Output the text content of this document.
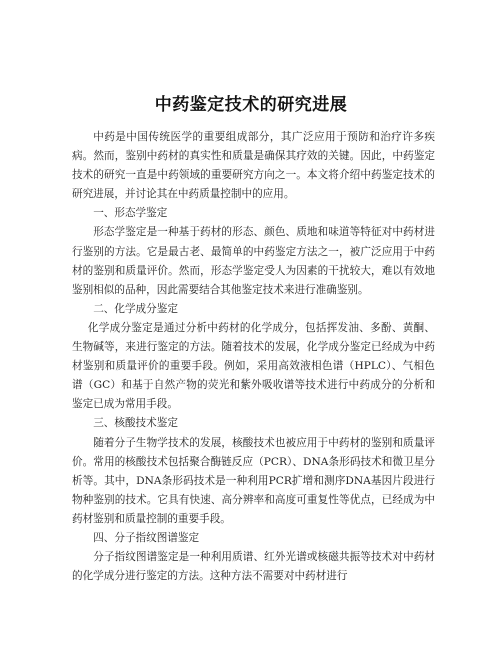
中药鉴定技术的研究进展

中药是中国传统医学的重要组成部分，其广泛应用于预防和治疗许多疾病。然而，鉴别中药材的真实性和质量是确保其疗效的关键。因此，中药鉴定技术的研究一直是中药领域的重要研究方向之一。本文将介绍中药鉴定技术的研究进展，并讨论其在中药质量控制中的应用。

一、形态学鉴定

形态学鉴定是一种基于药材的形态、颜色、质地和味道等特征对中药材进行鉴别的方法。它是最古老、最简单的中药鉴定方法之一，被广泛应用于中药材的鉴别和质量评价。然而，形态学鉴定受人为因素的干扰较大，难以有效地鉴别相似的品种，因此需要结合其他鉴定技术来进行准确鉴别。

二、化学成分鉴定

化学成分鉴定是通过分析中药材的化学成分，包括挥发油、多酚、黄酮、生物碱等，来进行鉴定的方法。随着技术的发展，化学成分鉴定已经成为中药材鉴别和质量评价的重要手段。例如，采用高效液相色谱（HPLC）、气相色谱（GC）和基于自然产物的荧光和紫外吸收谱等技术进行中药成分的分析和鉴定已成为常用手段。

三、核酸技术鉴定

随着分子生物学技术的发展，核酸技术也被应用于中药材的鉴别和质量评价。常用的核酸技术包括聚合酶链反应（PCR）、DNA条形码技术和微卫星分析等。其中，DNA条形码技术是一种利用PCR扩增和测序DNA基因片段进行物种鉴别的技术。它具有快速、高分辨率和高度可重复性等优点，已经成为中药材鉴别和质量控制的重要手段。

四、分子指纹图谱鉴定

分子指纹图谱鉴定是一种利用质谱、红外光谱或核磁共振等技术对中药材的化学成分进行鉴定的方法。这种方法不需要对中药材进行
